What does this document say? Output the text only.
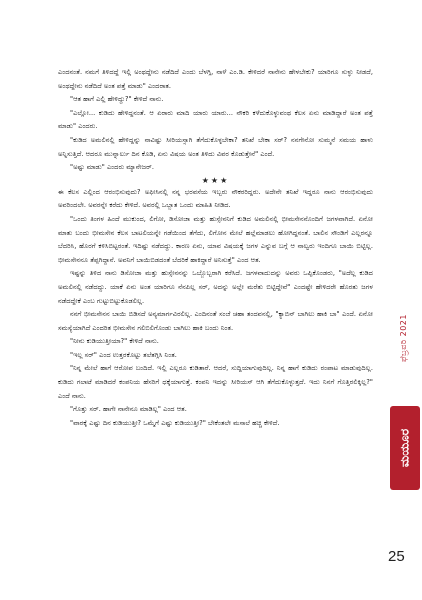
ಎಂದನಂತೆ. ನಮಗೆ ತಿಳಿದದ್ದೆ ಇಲ್ಲಿ ಅಂಥದ್ದೇನು ನಡೆದಿದೆ ಎಂದು ಬೆಳಗ್ಗಿ, ನಾಳೆ ಎಂ.ಡಿ. ಕೇಳಿದರೆ ನಾನೇನು ಹೇಳಬೇಕು? ಯಾರಿಗೂ ಸುಳ್ಳು ನೀಡದೆ, ಅಂಥದ್ದೇನು ನಡೆದಿದೆ ಅಂತ ಪತ್ತೆ ಮಾಡು" ಎಂದರಾತ.

"ಆತ ಹಾಗೆ ಎಲ್ಲಿ ಹೇಳಿದ್ದು?" ಕೇಳಿದೆ ನಾನು.

"ಎಲ್ಲೋ... ಕುಡಿದು ಹೇಳಿದ್ದನಂತೆ. ಆ ಏರಾರು ಮಾದಿ ಯಾರು ಯಾರು... ನೌಕರಿ ಕಳೆದುಕೊಳ್ಳುವಂಥ ಕೆಲಸ ಏನು ಮಾಡಿದ್ದಾರೆ ಅಂತ ಪತ್ತೆ ಮಾಡು" ಎಂದರು.

"ಕುಡಿದ ಅಮಲಿನಲ್ಲಿ ಹೇಳಿದ್ದನ್ನು ನಾವಿಷ್ಟು ಸೀರಿಯಸ್ಸಾಗಿ ತೆಗೆದುಕೊಳ್ಳಬೇಕಾ? ತನಿಖೆ ಬೇಕಾ ಸರ್? ನನಗೇನೋ ಸುಮ್ಮನೆ ಸಮಯ ಹಾಳು ಅನ್ನಿಸುತ್ತಿದೆ. ಆದರೂ ಮುನ್ನಾರ್ಲು ದಿನ ಕೊಡಿ, ಏನು ವಿಷಯ ಅಂತ ತಿಳಿದು ವಿವರ ಕೊಡುತ್ತೇನೆ" ಎಂದೆ.

"ಅಷ್ಟು ಮಾಡು" ಎಂದರು ಮ್ಯಾನೇಜರ್.

★★★

ಈ ಕೆಲಸ ಎಲ್ಲಿಂದ ಆರಂಭಿಸುವುದು? ಅಫೀಸಿನಲ್ಲಿ ನನ್ನ ಭರವಸೆಯ ಇಬ್ಬರು ನೌಕರರಿದ್ದರು. ಅದೇನೇ ತನಿಖೆ ಇದ್ದರೂ ನಾನು ಆರಂಭಿಸುವುದು ಅವರಿಂದಲೇ. ಅವರನ್ನೇ ಕರೆದು ಕೇಳಿದೆ. ಅವರಲ್ಲಿ ಒಬ್ಬಾತ ಒಂದು ಮಾಹಿತಿ ನೀಡಿದ.

"ಒಂದು ತಿಂಗಳ ಹಿಂದೆ ಮುಕುಂದ, ಲಿಗೋ, ಡಿಸೋಜಾ ಮತ್ತು ಹುಸ್ಸೇನನಿಗೆ ಕುಡಿದ ಅಮಲಿನಲ್ಲಿ ಭೀಮಸೇನನೊಂದಿಗೆ ಜಗಳವಾಗಿದೆ. ಏನೋ ಮಾತು ಬಂದು ಭೀಮಸೇನ ಕೆಲಸ ಬಾಟಲಿಯನ್ನೇ ಗಡೆಯಿಂದ ತೆಗೆದು, ಲಿಗೋನ ಮೇಲೆ ಹಲ್ಲೆಮಾಡಲು ಹೋಗಿದ್ದನಂತೆ. ಬಾಲಿನ ಸೌಂಡಿಗೆ ಎಲ್ಲರನ್ನೂ ಬೆದರಿಸಿ, ಹೊರಗೆ ಕಳಿಸಿಬಿಟ್ಟರಂತೆ. ಇದಿಷ್ಟು ನಡೆದದ್ದು. ಕಾರಣ ಏನು, ಯಾವ ವಿಷಯಕ್ಕೆ ಜಗಳ ಎನ್ನುವ ಬಗ್ಗೆ ಆ ನಾಲ್ವರು ಇಂದಿಗೂ ಬಾಯಿ ಬಿಟ್ಟಿಲ್ಲ. ಭೀಮಸೇನನೂ ತೆಪ್ಪಗಿದ್ದಾನೆ. ಅವನಿಗೆ ಬಾಯಿಬಿಡದಂತೆ ಬೆದರಿಕೆ ಹಾಕಿದ್ದಾರೆ ಅನಿಸುತ್ತೆ" ಎಂದ ಆತ.

ಇಷ್ಟನ್ನು ತಿಳಿದ ನಾನು ಡಿಸೋಜಾ ಮತ್ತು ಹುಸ್ಸೇನನನ್ನು ಒಬ್ಬೊಬ್ಬರಾಗಿ ಕರೆಸಿದೆ. ಜಗಳವಾದುದನ್ನು ಅವರು ಒಪ್ಪಿಕೊಂಡರು, "ಅದೆಲ್ಲ ಕುಡಿದ ಅಮಲಿನಲ್ಲಿ ನಡೆದದ್ದು. ಯಾಕೆ ಏನು ಅಂತ ಯಾರಿಗೂ ನೆನಪಿಲ್ಲ ಸರ್, ಅದನ್ನು ಅಲ್ಲೇ ಮರೆತು ಬಿಟ್ಟಿದ್ದೇವೆ" ಎಂದಷ್ಟೇ ಹೇಳಿದರೇ ಹೊರತು ಜಗಳ ನಡೆದದ್ದೇಕೆ ಎಂಬ ಗುಟ್ಟುಬಿಟ್ಟುಕೊಡಲಿಲ್ಲ.

ನನಗೆ ಭೀಮಸೇನನ ಬಾಯಿ ಬಿಡಿಸದೆ ಅನ್ಯಮಾರ್ಗವಿರಲಿಲ್ಲ. ಎಂದಿನಂತೆ ಸಂಜೆ ಚಹಾ ತಂದವನಲ್ಲಿ, "ಕ್ಯಾಬಿನ್ ಬಾಗಿಲು ಹಾಕಿ ಬಾ" ಎಂದೆ. ಏನೋ ಸಮಸ್ಯೆಯಾಗಿದೆ ಎಂದರಿತ ಭೀಮಸೇನ ಗಲಿಬಿಲಿಗೊಂಡು ಬಾಗಿಲು ಹಾಕಿ ಬಂದು ನಿಂತ.

"ನೀನು ಕುಡಿಯುತ್ತೀಯಾ?" ಕೇಳಿದೆ ನಾನು.

"ಇಲ್ಲ ಸರ್" ಎಂದ ಉತ್ತರಕೊಟ್ಟು ತಲೆತಗ್ಗಿಸಿ ನಿಂತ.

"ನಿನ್ನ ಮೇಲೆ ಹಾಗೆ ಆರೋಪ ಬಂದಿದೆ. ಇಲ್ಲಿ ಎಲ್ಲರೂ ಕುಡಿತಾರೆ. ಆದರೆ, ಸುದ್ದಿಯಾಗುವುದಿಲ್ಲ. ನಿನ್ನ ಹಾಗೆ ಕುಡಿದು ರಂಪಾಟ ಮಾಡುವುದಿಲ್ಲ. ಕುಡಿದು ಗಲಾಟೆ ಮಾಡಿದರೆ ಕಂಪನಿಯ ಹೆಸರಿಗೆ ಧಕ್ಕೆಯಾಗುತ್ತೆ. ಕಂಪನಿ ಇದನ್ನು ಸೀರಿಯಸ್ ಆಗಿ ತೆಗೆದುಕೊಳ್ಳುತ್ತದೆ. ಇದು ನಿನಗೆ ಗೊತ್ತಿರಲಿಕ್ಕಿಲ್ಲ?" ಎಂದೆ ನಾನು.

"ಗೊತ್ತು ಸರ್. ಹಾಗೇ ನಾನೇನೂ ಮಾಡಿಲ್ಲ" ಎಂದ ಆತ.

"ವಾರಕ್ಕೆ ಎಷ್ಟು ದಿನ ಕುಡಿಯುತ್ತೀ? ಒಮ್ಮೆಗೆ ಎಷ್ಟು ಕುಡಿಯುತ್ತೀ?" ಬೇಕೆಂತಲೇ ಮಸಾಲೆ ಹಚ್ಚಿ ಕೇಳಿದೆ.

ಫೆಬ್ರವರಿ 2021
ಮಯೂರ
25
